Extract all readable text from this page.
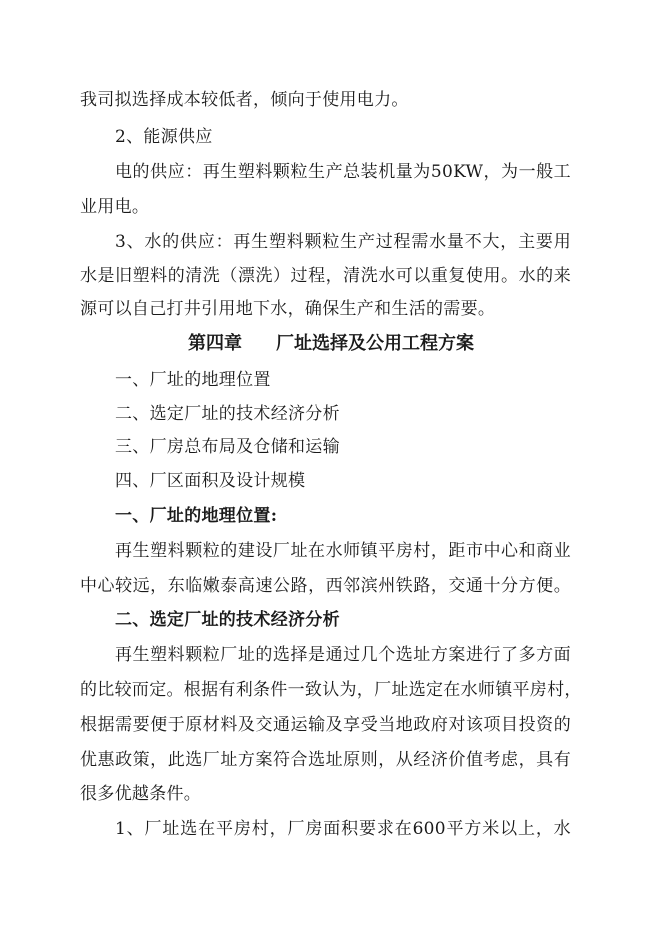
我司拟选择成本较低者，倾向于使用电力。
2、能源供应
电的供应：再生塑料颗粒生产总装机量为50KW，为一般工
业用电。
3、水的供应：再生塑料颗粒生产过程需水量不大，主要用
水是旧塑料的清洗（漂洗）过程，清洗水可以重复使用。水的来
源可以自己打井引用地下水，确保生产和生活的需要。
第四章 厂址选择及公用工程方案
一、厂址的地理位置
二、选定厂址的技术经济分析
三、厂房总布局及仓储和运输
四、厂区面积及设计规模
一、厂址的地理位置:
再生塑料颗粒的建设厂址在水师镇平房村，距市中心和商业
中心较远，东临嫩泰高速公路，西邻滨州铁路，交通十分方便。
二、选定厂址的技术经济分析
再生塑料颗粒厂址的选择是通过几个选址方案进行了多方面
的比较而定。根据有利条件一致认为，厂址选定在水师镇平房村，
根据需要便于原材料及交通运输及享受当地政府对该项目投资的
优惠政策，此选厂址方案符合选址原则，从经济价值考虑，具有
很多优越条件。
1、厂址选在平房村，厂房面积要求在600平方米以上，水
